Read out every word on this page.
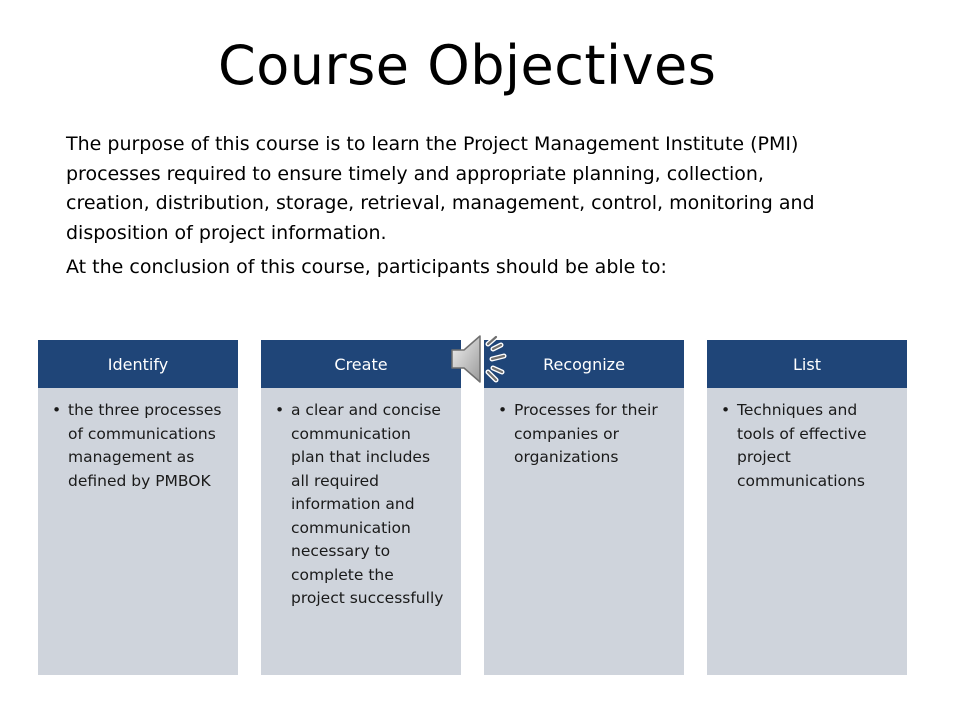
Course Objectives

The purpose of this course is to learn the Project Management Institute (PMI) processes required to ensure timely and appropriate planning, collection, creation, distribution, storage, retrieval, management, control, monitoring and disposition of project information.

At the conclusion of this course, participants should be able to:

Identify
• the three processes of communications management as defined by PMBOK
Create
• a clear and concise communication plan that includes all required information and communication necessary to complete the project successfully
Recognize
• Processes for their companies or organizations
List
• Techniques and tools of effective project communications
